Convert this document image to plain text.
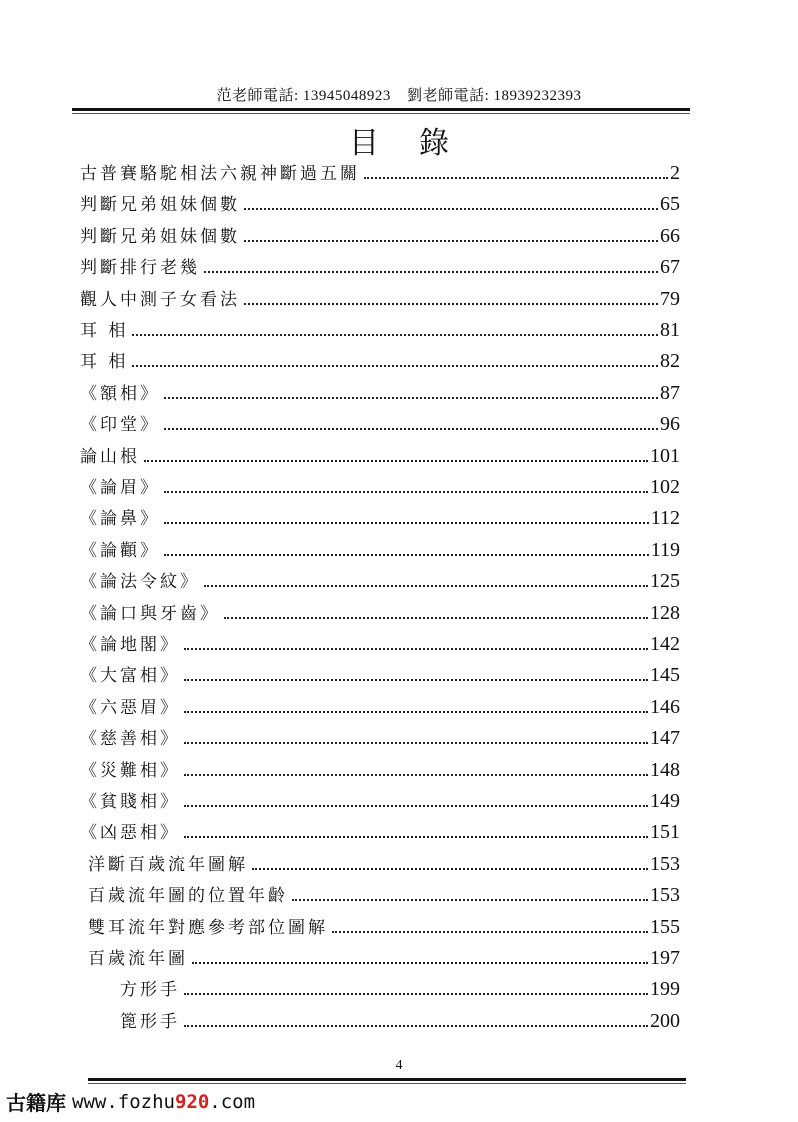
范老師電話: 13945048923 劉老師電話: 18939232393
目錄
古普賽駱駝相法六親神斷過五關	2
判斷兄弟姐妹個數	65
判斷兄弟姐妹個數	66
判斷排行老幾	67
觀人中測子女看法	79
耳 相	81
耳 相	82
《額相》	87
《印堂》	96
論山根	101
《論眉》	102
《論鼻》	112
《論顴》	119
《論法令紋》	125
《論口與牙齒》	128
《論地閣》	142
《大富相》	145
《六惡眉》	146
《慈善相》	147
《災難相》	148
《貧賤相》	149
《凶惡相》	151
洋斷百歲流年圖解	153
百歲流年圖的位置年齡	153
雙耳流年對應參考部位圖解	155
百歲流年圖	197
方形手	199
篦形手	200
4
古籍库 www.fozhu920.com
